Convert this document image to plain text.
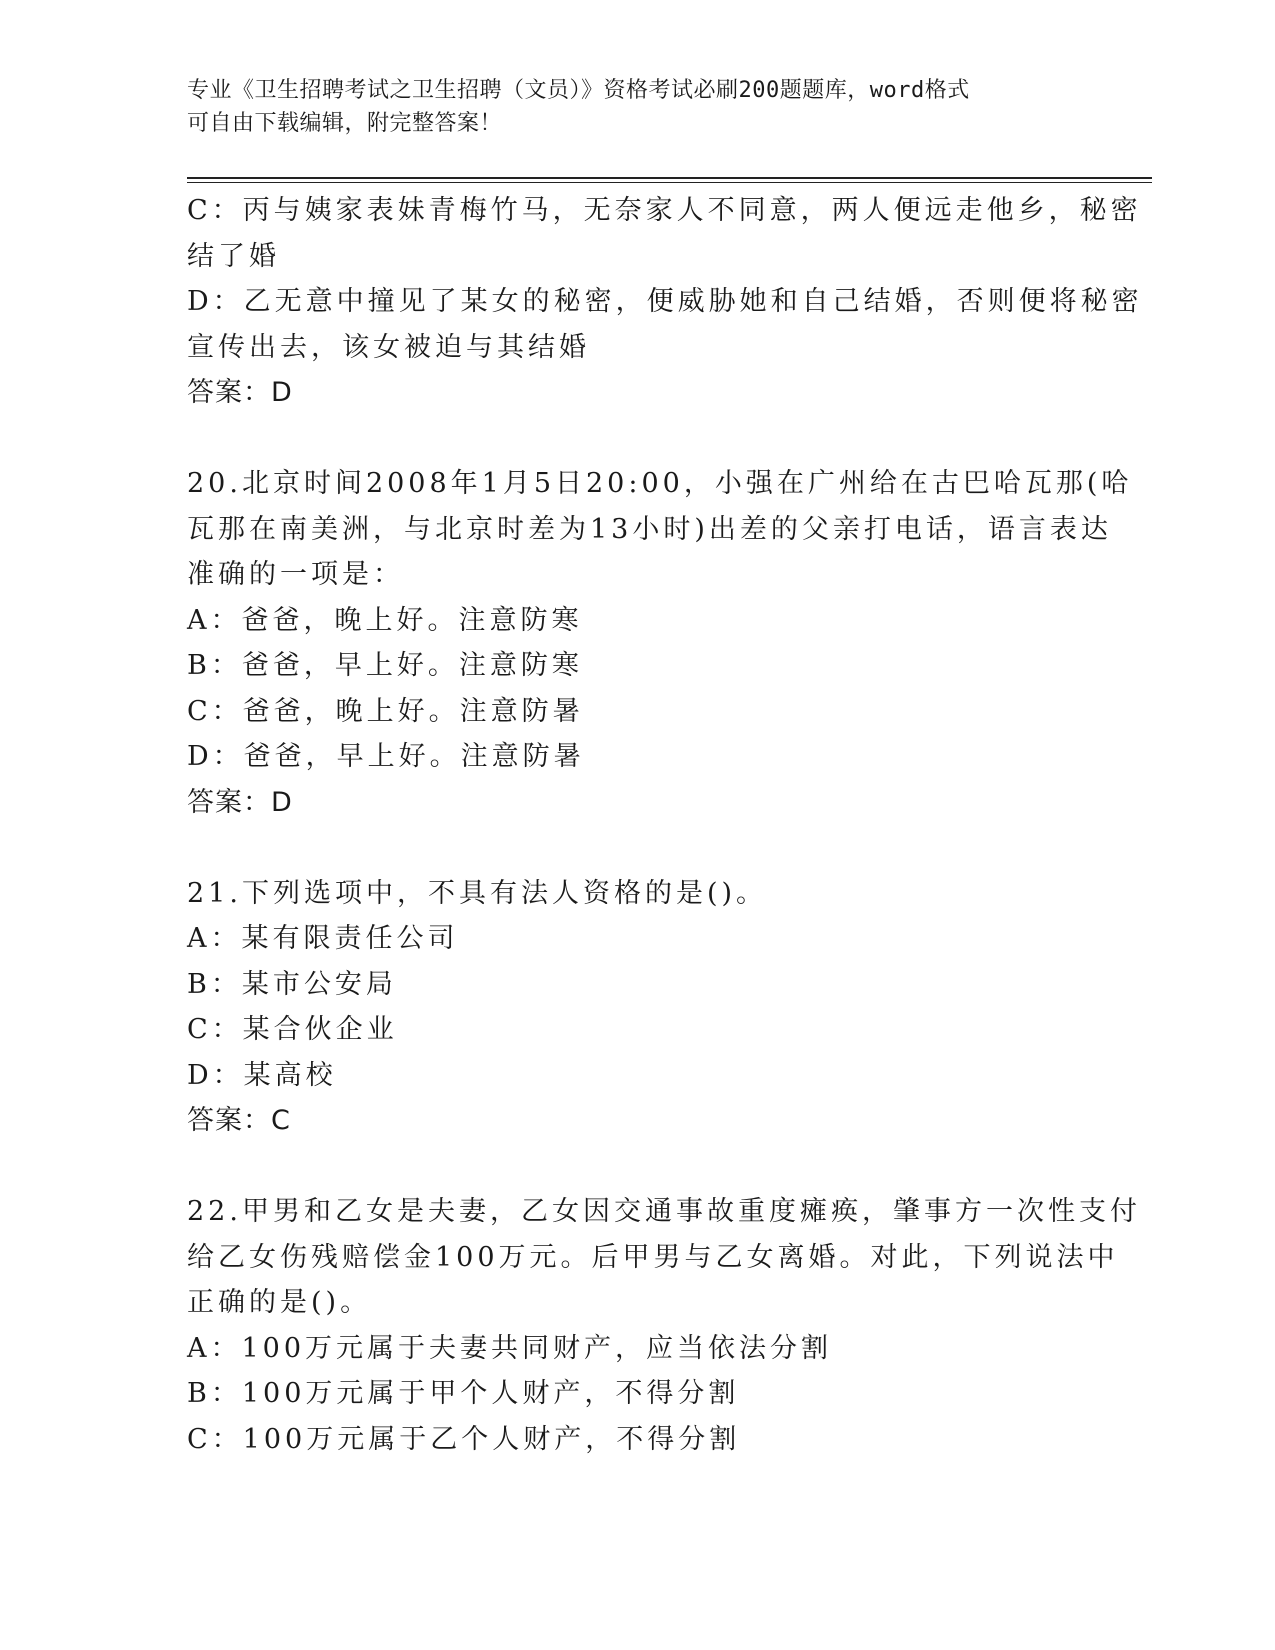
专业《卫生招聘考试之卫生招聘（文员）》资格考试必刷200题题库，word格式
可自由下载编辑，附完整答案！
C：丙与姨家表妹青梅竹马，无奈家人不同意，两人便远走他乡，秘密
结了婚
D：乙无意中撞见了某女的秘密，便威胁她和自己结婚，否则便将秘密
宣传出去，该女被迫与其结婚
答案：D
20.北京时间2008年1月5日20:00，小强在广州给在古巴哈瓦那(哈
瓦那在南美洲，与北京时差为13小时)出差的父亲打电话，语言表达
准确的一项是：
A：爸爸，晚上好。注意防寒
B：爸爸，早上好。注意防寒
C：爸爸，晚上好。注意防暑
D：爸爸，早上好。注意防暑
答案：D
21.下列选项中，不具有法人资格的是()。
A：某有限责任公司
B：某市公安局
C：某合伙企业
D：某高校
答案：C
22.甲男和乙女是夫妻，乙女因交通事故重度瘫痪，肇事方一次性支付
给乙女伤残赔偿金100万元。后甲男与乙女离婚。对此，下列说法中
正确的是()。
A：100万元属于夫妻共同财产，应当依法分割
B：100万元属于甲个人财产，不得分割
C：100万元属于乙个人财产，不得分割
